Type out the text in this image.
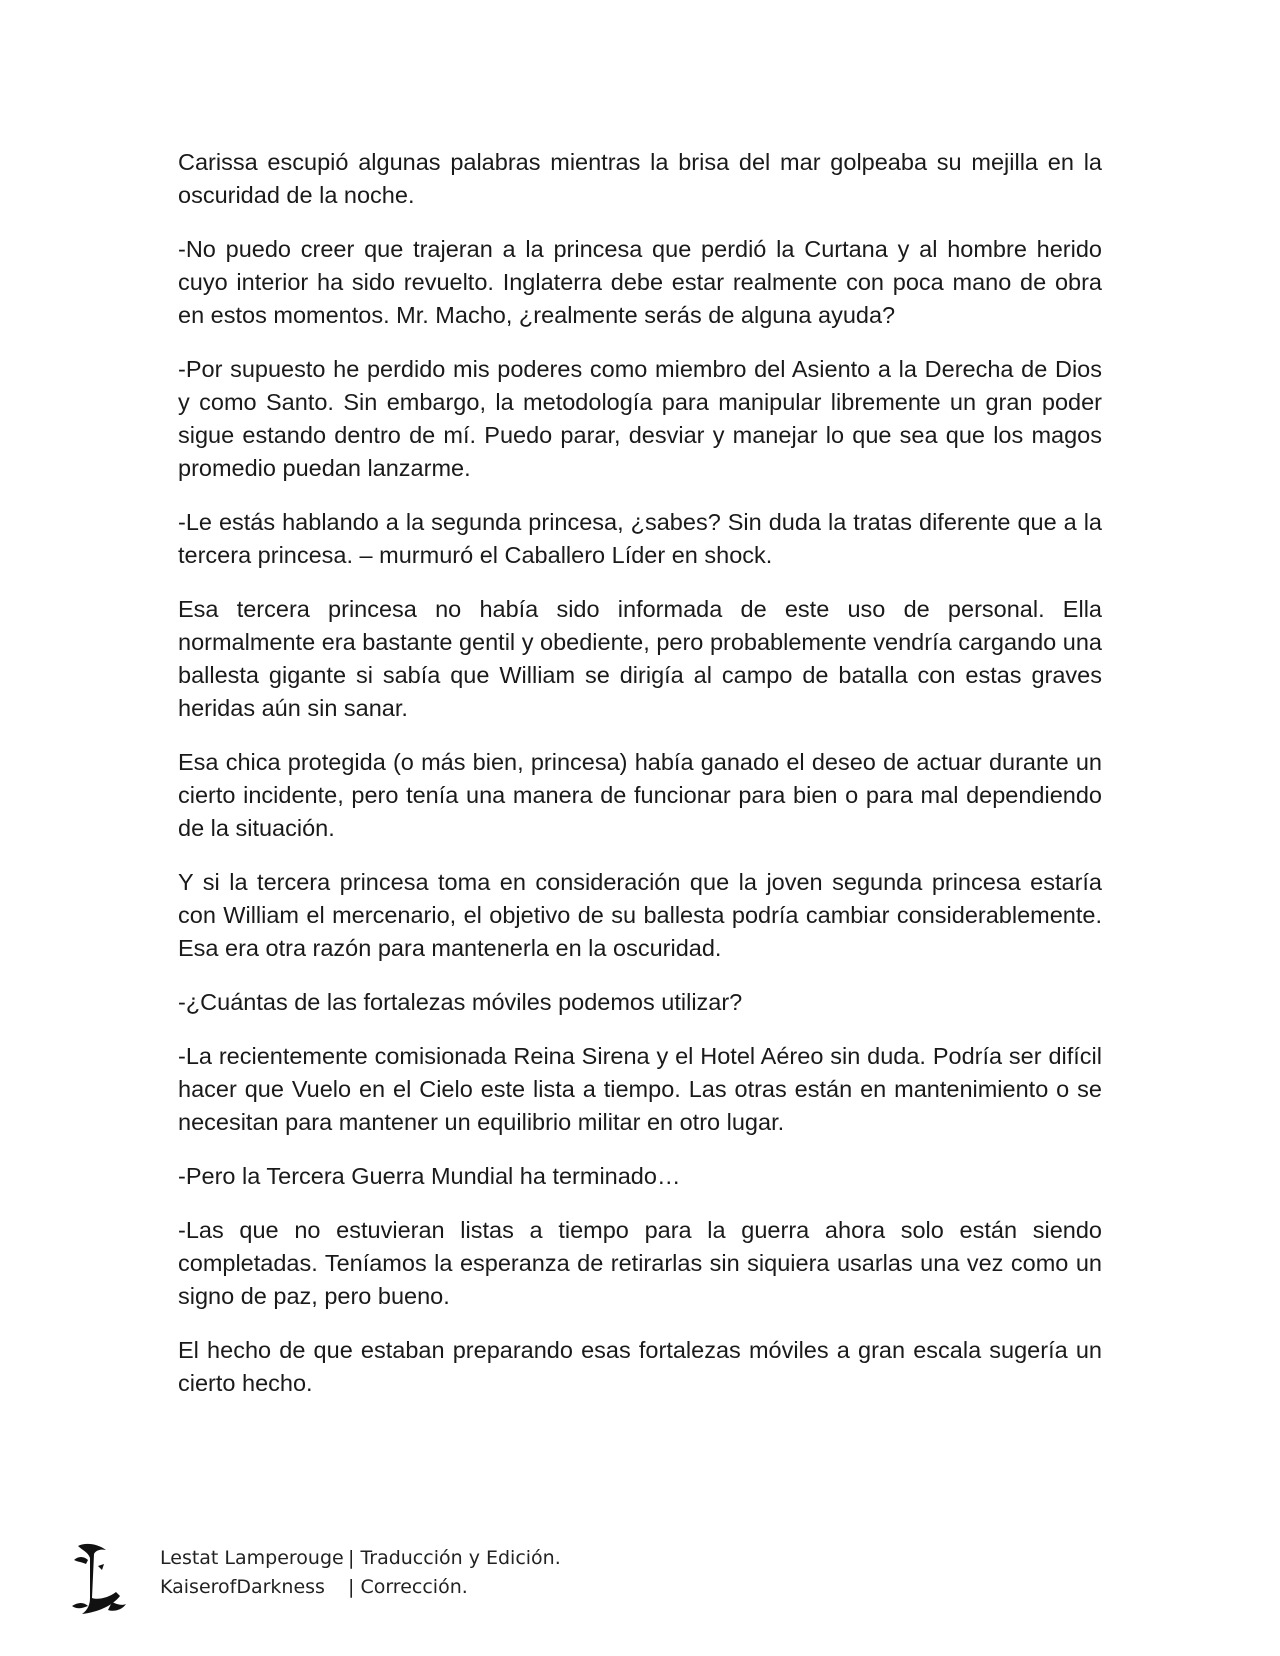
Carissa escupió algunas palabras mientras la brisa del mar golpeaba su mejilla en la oscuridad de la noche.

-No puedo creer que trajeran a la princesa que perdió la Curtana y al hombre herido cuyo interior ha sido revuelto. Inglaterra debe estar realmente con poca mano de obra en estos momentos. Mr. Macho, ¿realmente serás de alguna ayuda?

-Por supuesto he perdido mis poderes como miembro del Asiento a la Derecha de Dios y como Santo. Sin embargo, la metodología para manipular libremente un gran poder sigue estando dentro de mí. Puedo parar, desviar y manejar lo que sea que los magos promedio puedan lanzarme.

-Le estás hablando a la segunda princesa, ¿sabes? Sin duda la tratas diferente que a la tercera princesa. – murmuró el Caballero Líder en shock.

Esa tercera princesa no había sido informada de este uso de personal. Ella normalmente era bastante gentil y obediente, pero probablemente vendría cargando una ballesta gigante si sabía que William se dirigía al campo de batalla con estas graves heridas aún sin sanar.

Esa chica protegida (o más bien, princesa) había ganado el deseo de actuar durante un cierto incidente, pero tenía una manera de funcionar para bien o para mal dependiendo de la situación.

Y si la tercera princesa toma en consideración que la joven segunda princesa estaría con William el mercenario, el objetivo de su ballesta podría cambiar considerablemente. Esa era otra razón para mantenerla en la oscuridad.

-¿Cuántas de las fortalezas móviles podemos utilizar?

-La recientemente comisionada Reina Sirena y el Hotel Aéreo sin duda. Podría ser difícil hacer que Vuelo en el Cielo este lista a tiempo. Las otras están en mantenimiento o se necesitan para mantener un equilibrio militar en otro lugar.

-Pero la Tercera Guerra Mundial ha terminado…

-Las que no estuvieran listas a tiempo para la guerra ahora solo están siendo completadas. Teníamos la esperanza de retirarlas sin siquiera usarlas una vez como un signo de paz, pero bueno.

El hecho de que estaban preparando esas fortalezas móviles a gran escala sugería un cierto hecho.

Lestat Lamperouge | Traducción y Edición.
KaiserofDarkness	| Corrección.
